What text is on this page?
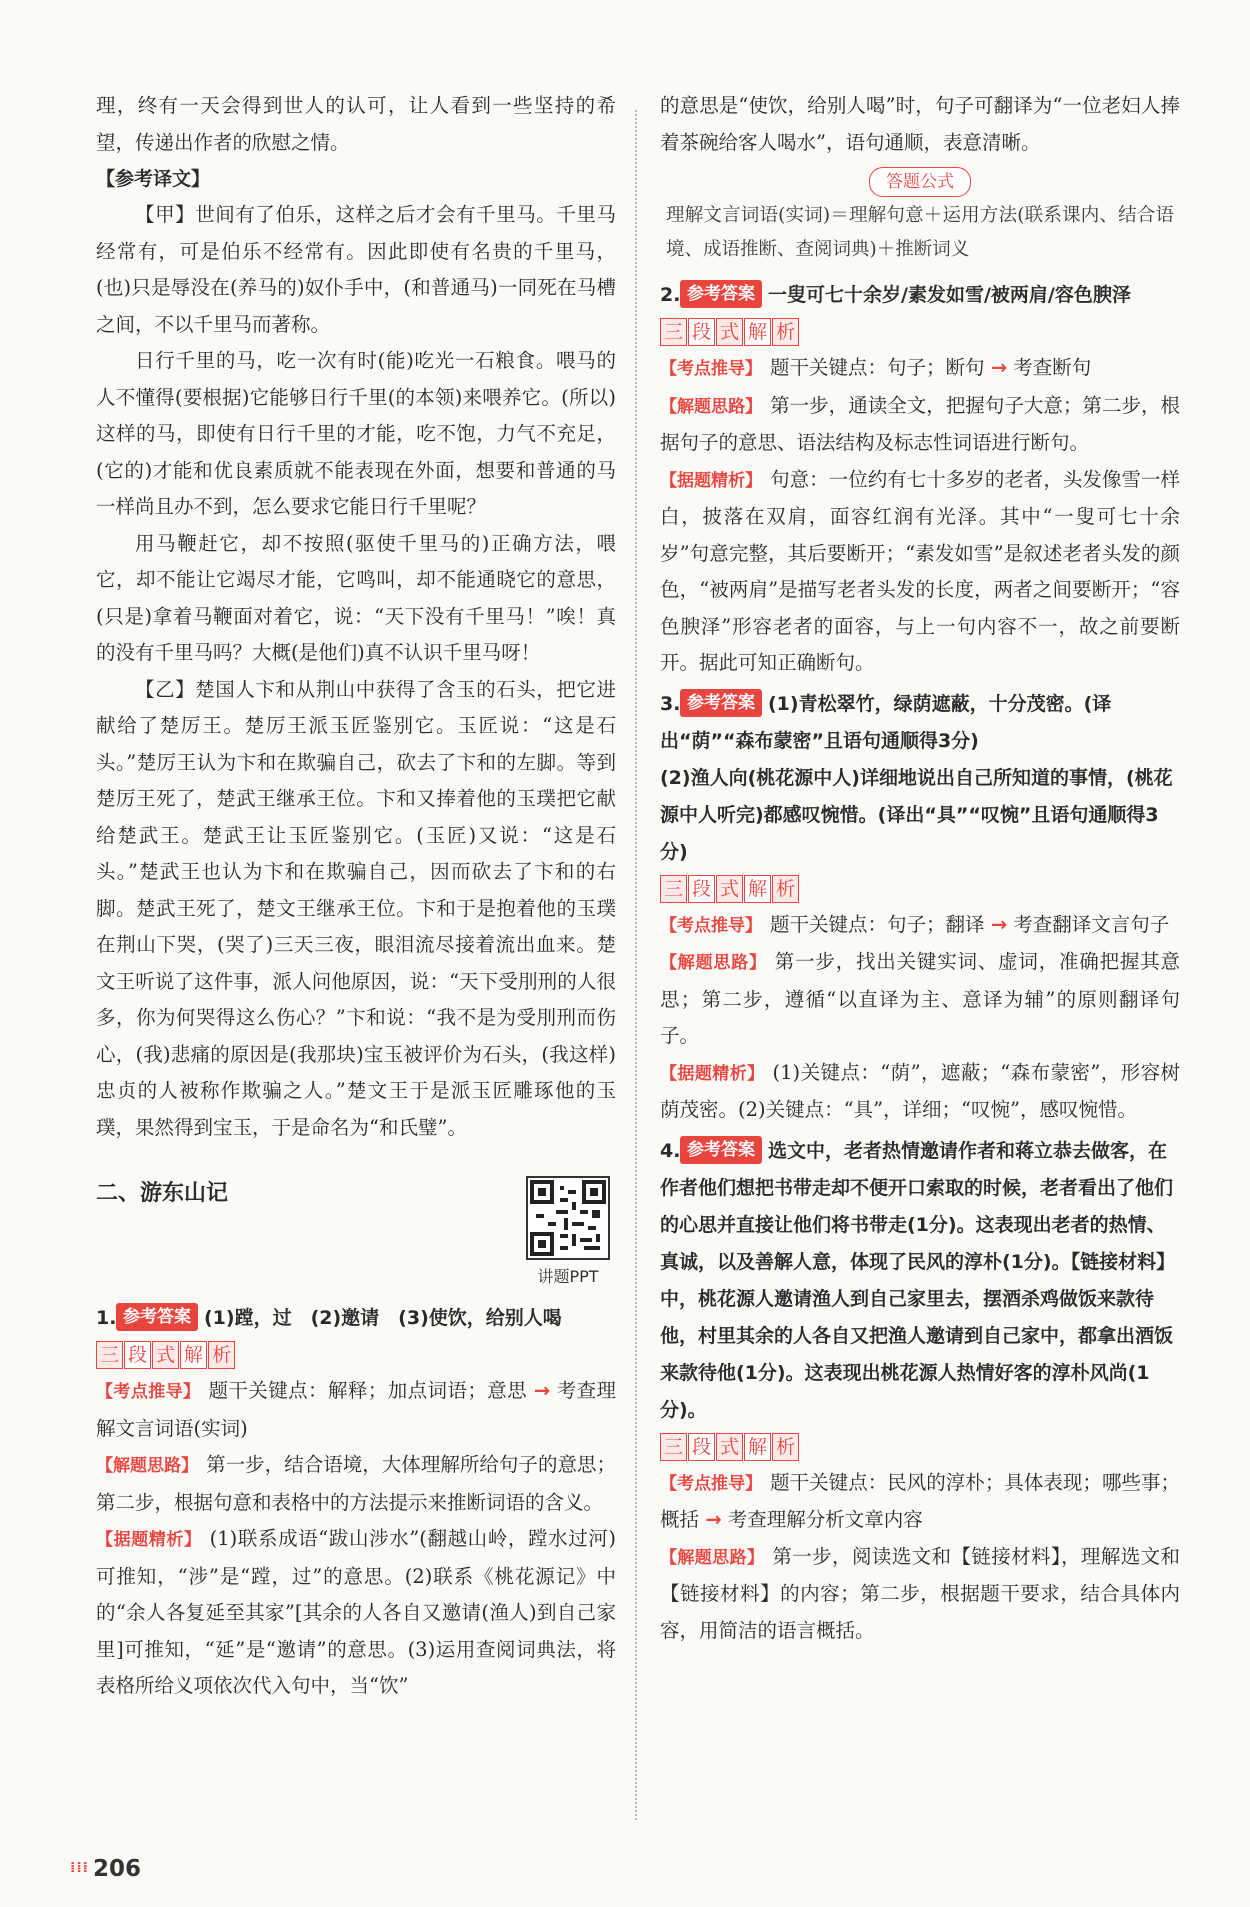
理，终有一天会得到世人的认可，让人看到一些坚持的希望，传递出作者的欣慰之情。

【参考译文】

【甲】世间有了伯乐，这样之后才会有千里马。千里马经常有，可是伯乐不经常有。因此即使有名贵的千里马，(也)只是辱没在(养马的)奴仆手中，(和普通马)一同死在马槽之间，不以千里马而著称。

日行千里的马，吃一次有时(能)吃光一石粮食。喂马的人不懂得(要根据)它能够日行千里(的本领)来喂养它。(所以)这样的马，即使有日行千里的才能，吃不饱，力气不充足，(它的)才能和优良素质就不能表现在外面，想要和普通的马一样尚且办不到，怎么要求它能日行千里呢？

用马鞭赶它，却不按照(驱使千里马的)正确方法，喂它，却不能让它竭尽才能，它鸣叫，却不能通晓它的意思，(只是)拿着马鞭面对着它，说：“天下没有千里马！”唉！真的没有千里马吗？大概(是他们)真不认识千里马呀！

【乙】楚国人卞和从荆山中获得了含玉的石头，把它进献给了楚厉王。楚厉王派玉匠鉴别它。玉匠说：“这是石头。”楚厉王认为卞和在欺骗自己，砍去了卞和的左脚。等到楚厉王死了，楚武王继承王位。卞和又捧着他的玉璞把它献给楚武王。楚武王让玉匠鉴别它。(玉匠)又说：“这是石头。”楚武王也认为卞和在欺骗自己，因而砍去了卞和的右脚。楚武王死了，楚文王继承王位。卞和于是抱着他的玉璞在荆山下哭，(哭了)三天三夜，眼泪流尽接着流出血来。楚文王听说了这件事，派人问他原因，说：“天下受刖刑的人很多，你为何哭得这么伤心？”卞和说：“我不是为受刖刑而伤心，(我)悲痛的原因是(我那块)宝玉被评价为石头，(我这样)忠贞的人被称作欺骗之人。”楚文王于是派玉匠雕琢他的玉璞，果然得到宝玉，于是命名为“和氏璧”。

二、游东山记
讲题PPT
1. 参考答案 (1)蹚，过　(2)邀请　(3)使饮，给别人喝
三 段 式 解 析

【考点推导】 题干关键点：解释；加点词语；意思 → 考查理解文言词语(实词)

【解题思路】 第一步，结合语境，大体理解所给句子的意思；第二步，根据句意和表格中的方法提示来推断词语的含义。

【据题精析】 (1)联系成语“跋山涉水”(翻越山岭，蹚水过河)可推知，“涉”是“蹚，过”的意思。(2)联系《桃花源记》中的“余人各复延至其家”[其余的人各自又邀请(渔人)到自己家里]可推知，“延”是“邀请”的意思。(3)运用查阅词典法，将表格所给义项依次代入句中，当“饮”

的意思是“使饮，给别人喝”时，句子可翻译为“一位老妇人捧着茶碗给客人喝水”，语句通顺，表意清晰。

答题公式

理解文言词语(实词)＝理解句意＋运用方法(联系课内、结合语境、成语推断、查阅词典)＋推断词义

2. 参考答案 一叟可七十余岁/素发如雪/被两肩/容色腴泽
三 段 式 解 析

【考点推导】 题干关键点：句子；断句 → 考查断句

【解题思路】 第一步，通读全文，把握句子大意；第二步，根据句子的意思、语法结构及标志性词语进行断句。

【据题精析】 句意：一位约有七十多岁的老者，头发像雪一样白，披落在双肩，面容红润有光泽。其中“一叟可七十余岁”句意完整，其后要断开；“素发如雪”是叙述老者头发的颜色，“被两肩”是描写老者头发的长度，两者之间要断开；“容色腴泽”形容老者的面容，与上一句内容不一，故之前要断开。据此可知正确断句。

3. 参考答案 (1)青松翠竹，绿荫遮蔽，十分茂密。(译出“荫”“森布蒙密”且语句通顺得3分)
(2)渔人向(桃花源中人)详细地说出自己所知道的事情，(桃花源中人听完)都感叹惋惜。(译出“具”“叹惋”且语句通顺得3分)
三 段 式 解 析

【考点推导】 题干关键点：句子；翻译 → 考查翻译文言句子

【解题思路】 第一步，找出关键实词、虚词，准确把握其意思；第二步，遵循“以直译为主、意译为辅”的原则翻译句子。

【据题精析】 (1)关键点：“荫”，遮蔽；“森布蒙密”，形容树荫茂密。(2)关键点：“具”，详细；“叹惋”，感叹惋惜。

4. 参考答案 选文中，老者热情邀请作者和蒋立恭去做客，在作者他们想把书带走却不便开口索取的时候，老者看出了他们的心思并直接让他们将书带走(1分)。这表现出老者的热情、真诚，以及善解人意，体现了民风的淳朴(1分)。【链接材料】中，桃花源人邀请渔人到自己家里去，摆酒杀鸡做饭来款待他，村里其余的人各自又把渔人邀请到自己家中，都拿出酒饭来款待他(1分)。这表现出桃花源人热情好客的淳朴风尚(1分)。
三 段 式 解 析

【考点推导】 题干关键点：民风的淳朴；具体表现；哪些事；概括 → 考查理解分析文章内容

【解题思路】 第一步，阅读选文和【链接材料】，理解选文和【链接材料】的内容；第二步，根据题干要求，结合具体内容，用简洁的语言概括。

⁞⁞⁞ 206
